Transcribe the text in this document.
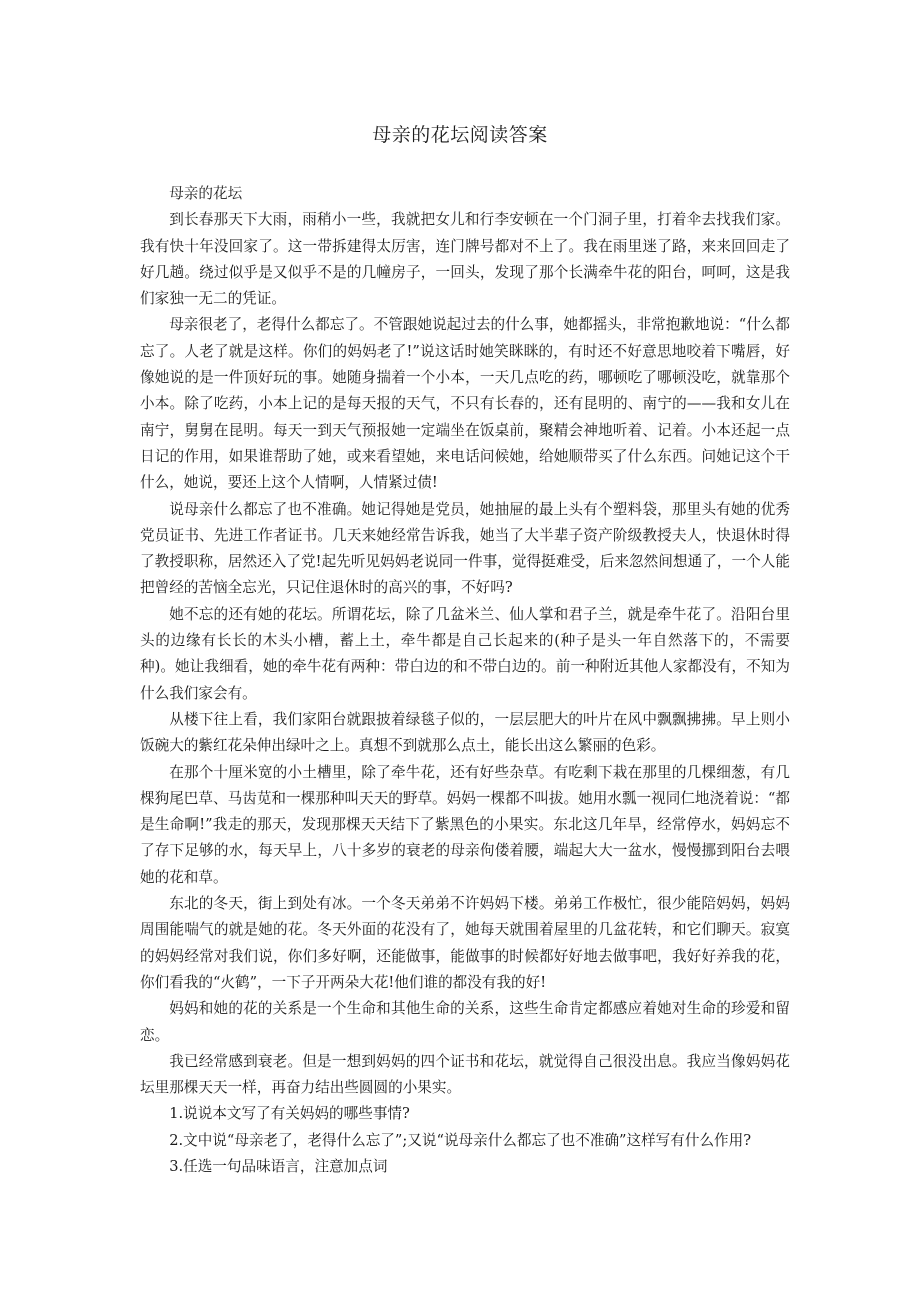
母亲的花坛阅读答案

母亲的花坛

到长春那天下大雨，雨稍小一些，我就把女儿和行李安顿在一个门洞子里，打着伞去找我们家。我有快十年没回家了。这一带拆建得太厉害，连门牌号都对不上了。我在雨里迷了路，来来回回走了好几趟。绕过似乎是又似乎不是的几幢房子，一回头，发现了那个长满牵牛花的阳台，呵呵，这是我们家独一无二的凭证。

母亲很老了，老得什么都忘了。不管跟她说起过去的什么事，她都摇头，非常抱歉地说：“什么都忘了。人老了就是这样。你们的妈妈老了!”说这话时她笑眯眯的，有时还不好意思地咬着下嘴唇，好像她说的是一件顶好玩的事。她随身揣着一个小本，一天几点吃的药，哪顿吃了哪顿没吃，就靠那个小本。除了吃药，小本上记的是每天报的天气，不只有长春的，还有昆明的、南宁的——我和女儿在南宁，舅舅在昆明。每天一到天气预报她一定端坐在饭桌前，聚精会神地听着、记着。小本还起一点日记的作用，如果谁帮助了她，或来看望她，来电话问候她，给她顺带买了什么东西。问她记这个干什么，她说，要还上这个人情啊，人情紧过债!

说母亲什么都忘了也不准确。她记得她是党员，她抽屉的最上头有个塑料袋，那里头有她的优秀党员证书、先进工作者证书。几天来她经常告诉我，她当了大半辈子资产阶级教授夫人，快退休时得了教授职称，居然还入了党!起先听见妈妈老说同一件事，觉得挺难受，后来忽然间想通了，一个人能把曾经的苦恼全忘光，只记住退休时的高兴的事，不好吗?

她不忘的还有她的花坛。所谓花坛，除了几盆米兰、仙人掌和君子兰，就是牵牛花了。沿阳台里头的边缘有长长的木头小槽，蓄上土，牵牛都是自己长起来的(种子是头一年自然落下的，不需要种)。她让我细看，她的牵牛花有两种：带白边的和不带白边的。前一种附近其他人家都没有，不知为什么我们家会有。

从楼下往上看，我们家阳台就跟披着绿毯子似的，一层层肥大的叶片在风中飘飘拂拂。早上则小饭碗大的紫红花朵伸出绿叶之上。真想不到就那么点土，能长出这么繁丽的色彩。

在那个十厘米宽的小土槽里，除了牵牛花，还有好些杂草。有吃剩下栽在那里的几棵细葱，有几棵狗尾巴草、马齿苋和一棵那种叫天天的野草。妈妈一棵都不叫拔。她用水瓢一视同仁地浇着说：“都是生命啊!”我走的那天，发现那棵天天结下了紫黑色的小果实。东北这几年旱，经常停水，妈妈忘不了存下足够的水，每天早上，八十多岁的衰老的母亲佝偻着腰，端起大大一盆水，慢慢挪到阳台去喂她的花和草。

东北的冬天，街上到处有冰。一个冬天弟弟不许妈妈下楼。弟弟工作极忙，很少能陪妈妈，妈妈周围能喘气的就是她的花。冬天外面的花没有了，她每天就围着屋里的几盆花转，和它们聊天。寂寞的妈妈经常对我们说，你们多好啊，还能做事，能做事的时候都好好地去做事吧，我好好养我的花，你们看我的“火鹤”，一下子开两朵大花!他们谁的都没有我的好!

妈妈和她的花的关系是一个生命和其他生命的关系，这些生命肯定都感应着她对生命的珍爱和留恋。

我已经常感到衰老。但是一想到妈妈的四个证书和花坛，就觉得自己很没出息。我应当像妈妈花坛里那棵天天一样，再奋力结出些圆圆的小果实。

1.说说本文写了有关妈妈的哪些事情?

2.文中说“母亲老了，老得什么忘了”;又说“说母亲什么都忘了也不准确”这样写有什么作用?

3.任选一句品味语言，注意加点词
